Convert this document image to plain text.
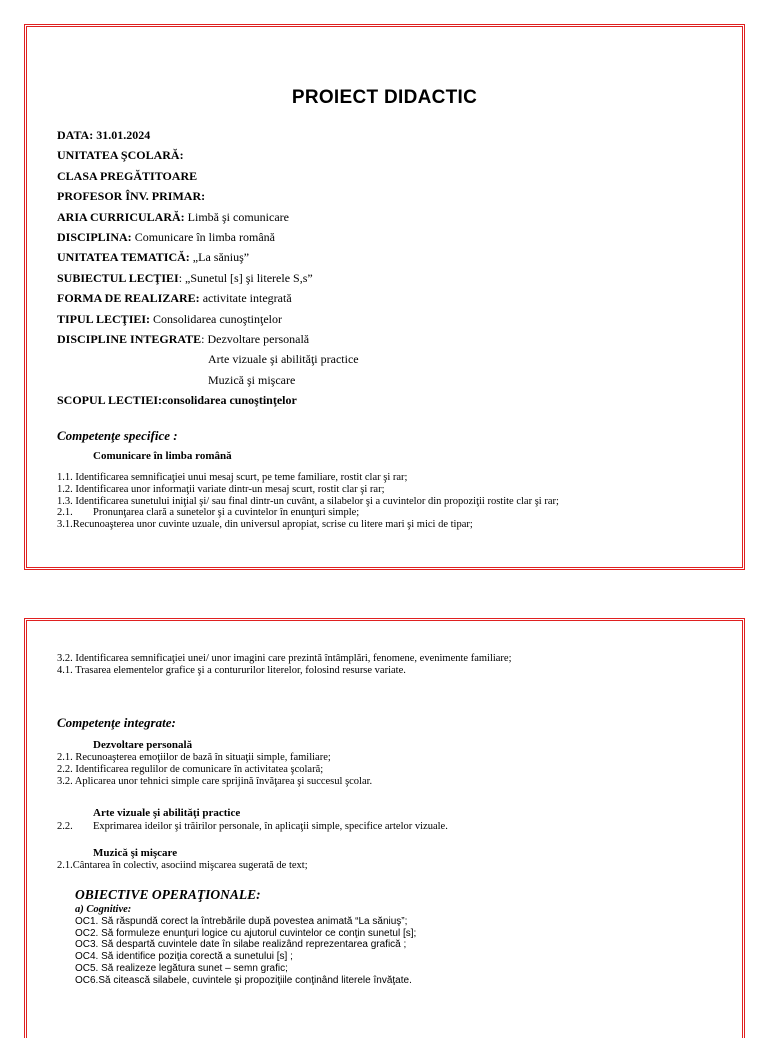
PROIECT DIDACTIC
DATA: 31.01.2024
UNITATEA ŞCOLARĂ:
CLASA PREGĂTITOARE
PROFESOR ÎNV. PRIMAR:
ARIA CURRICULARĂ: Limbă şi comunicare
DISCIPLINA: Comunicare în limba română
UNITATEA TEMATICĂ: „La săniuş”
SUBIECTUL LECŢIEI: „Sunetul [s] şi literele S,s”
FORMA DE REALIZARE: activitate integrată
TIPUL LECŢIEI: Consolidarea cunoştinţelor
DISCIPLINE INTEGRATE: Dezvoltare personală
Arte vizuale şi abilităţi practice
Muzică şi mişcare
SCOPUL LECTIEI:consolidarea cunoştinţelor
Competenţe specifice :
Comunicare în limba română
1.1. Identificarea semnificaţiei unui mesaj scurt, pe teme familiare, rostit clar şi rar;
1.2. Identificarea unor informaţii variate dintr-un mesaj scurt, rostit clar şi rar;
1.3. Identificarea sunetului iniţial şi/ sau final dintr-un cuvânt, a silabelor şi a cuvintelor din propoziţii rostite clar şi rar;
2.1. Pronunţarea clară a sunetelor şi a cuvintelor în enunţuri simple;
3.1.Recunoaşterea unor cuvinte uzuale, din universul apropiat, scrise cu litere mari şi mici de tipar;
3.2. Identificarea semnificaţiei unei/ unor imagini care prezintă întâmplări, fenomene, evenimente familiare;
4.1. Trasarea elementelor grafice şi a contururilor literelor, folosind resurse variate.
Competenţe integrate:
Dezvoltare personală
2.1. Recunoaşterea emoţiilor de bază în situaţii simple, familiare;
2.2. Identificarea regulilor de comunicare în activitatea şcolară;
3.2. Aplicarea unor tehnici simple care sprijină învăţarea şi succesul şcolar.
Arte vizuale şi abilităţi practice
2.2. Exprimarea ideilor şi trăirilor personale, în aplicaţii simple, specifice artelor vizuale.
Muzică şi mişcare
2.1.Cântarea în colectiv, asociind mişcarea sugerată de text;
OBIECTIVE OPERAŢIONALE:
a) Cognitive:
OC1. Să răspundă corect la întrebările după povestea animată “La săniuş”;
OC2. Să formuleze enunţuri logice cu ajutorul cuvintelor ce conţin sunetul [s];
OC3. Să despartă cuvintele date în silabe realizând reprezentarea grafică ;
OC4. Să identifice poziţia corectă a sunetului [s] ;
OC5. Să realizeze legătura sunet – semn grafic;
OC6.Să citească silabele, cuvintele şi propoziţiile conţinând literele învăţate.
